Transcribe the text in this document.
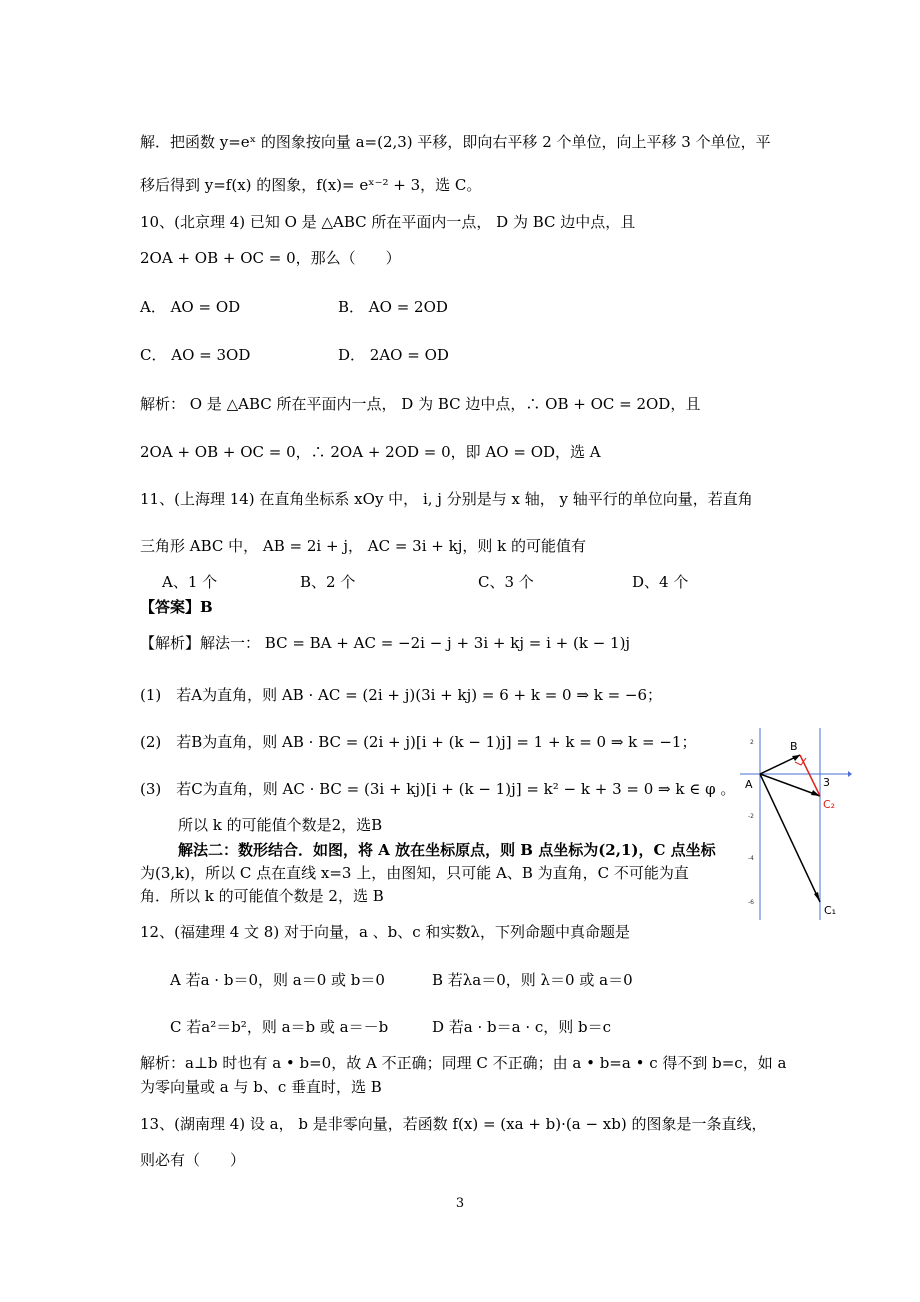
解．把函数 y=eˣ 的图象按向量 a=(2,3) 平移，即向右平移 2 个单位，向上平移 3 个单位，平
移后得到 y=f(x) 的图象，f(x)= eˣ⁻² + 3，选 C。
10、(北京理 4) 已知 O 是 △ABC 所在平面内一点， D 为 BC 边中点，且
2OA + OB + OC = 0，那么（　　）
A． AO = OD	B． AO = 2OD
C． AO = 3OD	D． 2AO = OD
解析： O 是 △ABC 所在平面内一点， D 为 BC 边中点，∴ OB + OC = 2OD，且
2OA + OB + OC = 0，∴ 2OA + 2OD = 0，即 AO = OD，选 A
11、(上海理 14) 在直角坐标系 xOy 中， i, j 分别是与 x 轴， y 轴平行的单位向量，若直角
三角形 ABC 中， AB = 2i + j， AC = 3i + kj，则 k 的可能值有
A、1 个	B、2 个	C、3 个	D、4 个
【答案】B
【解析】解法一： BC = BA + AC = −2i − j + 3i + kj = i + (k − 1)j
(1)　若A为直角，则 AB · AC = (2i + j)(3i + kj) = 6 + k = 0 ⇒ k = −6；
(2)　若B为直角，则 AB · BC = (2i + j)[i + (k − 1)j] = 1 + k = 0 ⇒ k = −1；
(3)　若C为直角，则 AC · BC = (3i + kj)[i + (k − 1)j] = k² − k + 3 = 0 ⇒ k ∈ φ 。
所以 k 的可能值个数是2，选B
解法二：数形结合．如图，将 A 放在坐标原点，则 B 点坐标为(2,1)，C 点坐标
为(3,k)，所以 C 点在直线 x=3 上，由图知，只可能 A、B 为直角，C 不可能为直
角．所以 k 的可能值个数是 2，选 B
2
-2
-4
-6
B
A	3
C₂
C₁
12、(福建理 4 文 8) 对于向量，a 、b、c 和实数λ，下列命题中真命题是
A 若a · b＝0，则 a＝0 或 b＝0	B 若λa＝0，则 λ＝0 或 a＝0
C 若a²＝b²，则 a＝b 或 a＝－b	D 若a · b＝a · c，则 b＝c
解析：a⊥b 时也有 a • b=0，故 A 不正确；同理 C 不正确；由 a • b=a • c 得不到 b=c，如 a
为零向量或 a 与 b、c 垂直时，选 B
13、(湖南理 4) 设 a， b 是非零向量，若函数 f(x) = (xa + b)·(a − xb) 的图象是一条直线，
则必有（　　）
3
